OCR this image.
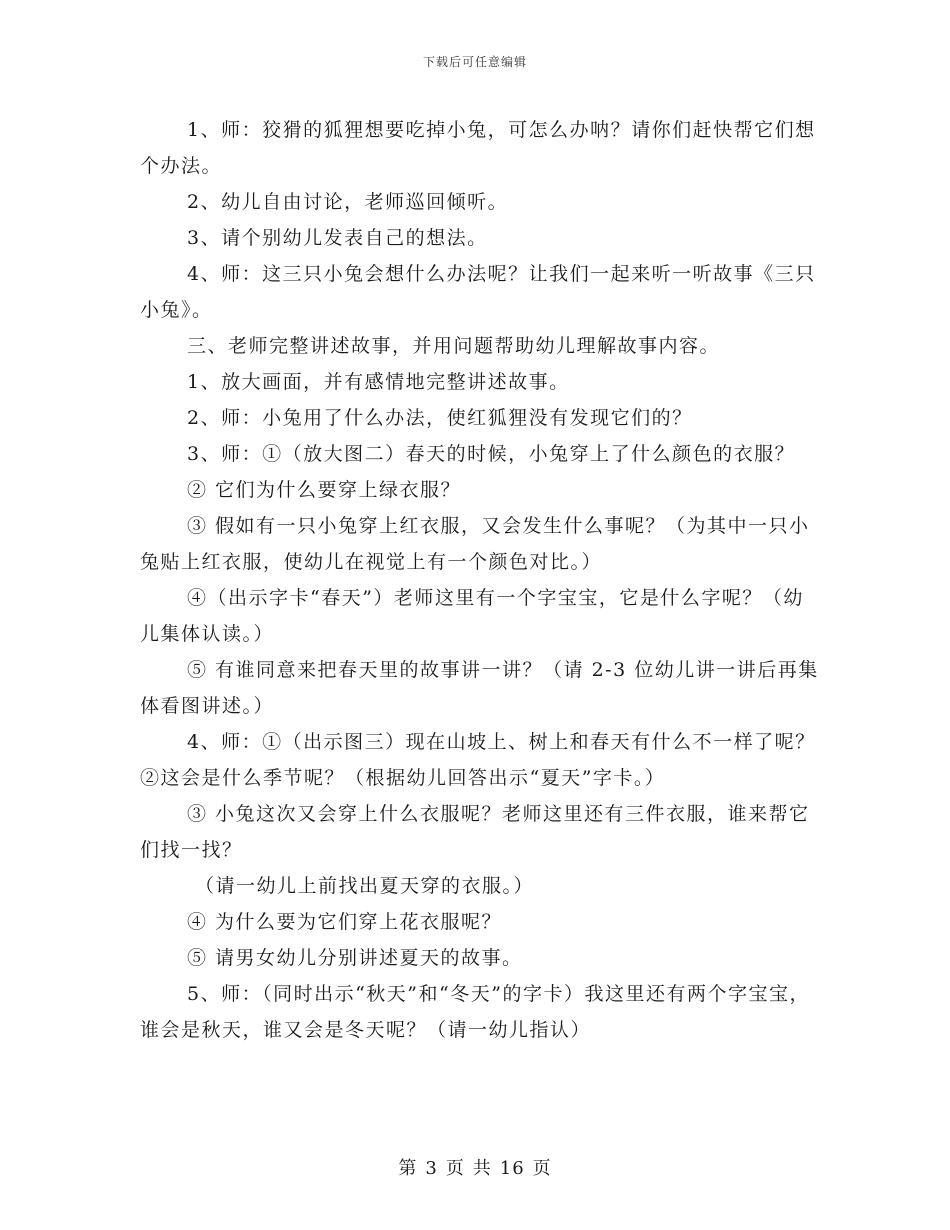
下载后可任意编辑

1、师：狡猾的狐狸想要吃掉小兔，可怎么办呐？请你们赶快帮它们想个办法。

2、幼儿自由讨论，老师巡回倾听。

3、请个别幼儿发表自己的想法。

4、师：这三只小兔会想什么办法呢？让我们一起来听一听故事《三只小兔》。

三、老师完整讲述故事，并用问题帮助幼儿理解故事内容。

1、放大画面，并有感情地完整讲述故事。

2、师：小兔用了什么办法，使红狐狸没有发现它们的？

3、师：①（放大图二）春天的时候，小兔穿上了什么颜色的衣服？

② 它们为什么要穿上绿衣服？

③ 假如有一只小兔穿上红衣服，又会发生什么事呢？（为其中一只小兔贴上红衣服，使幼儿在视觉上有一个颜色对比。）

④（出示字卡“春天”）老师这里有一个字宝宝，它是什么字呢？（幼儿集体认读。）

⑤ 有谁同意来把春天里的故事讲一讲？（请 2-3 位幼儿讲一讲后再集体看图讲述。）

4、师：①（出示图三）现在山坡上、树上和春天有什么不一样了呢？②这会是什么季节呢？（根据幼儿回答出示“夏天”字卡。）

③ 小兔这次又会穿上什么衣服呢？老师这里还有三件衣服，谁来帮它们找一找？

（请一幼儿上前找出夏天穿的衣服。）

④ 为什么要为它们穿上花衣服呢？

⑤ 请男女幼儿分别讲述夏天的故事。

5、师：（同时出示“秋天”和“冬天”的字卡）我这里还有两个字宝宝，谁会是秋天，谁又会是冬天呢？（请一幼儿指认）

第 3 页 共 16 页
